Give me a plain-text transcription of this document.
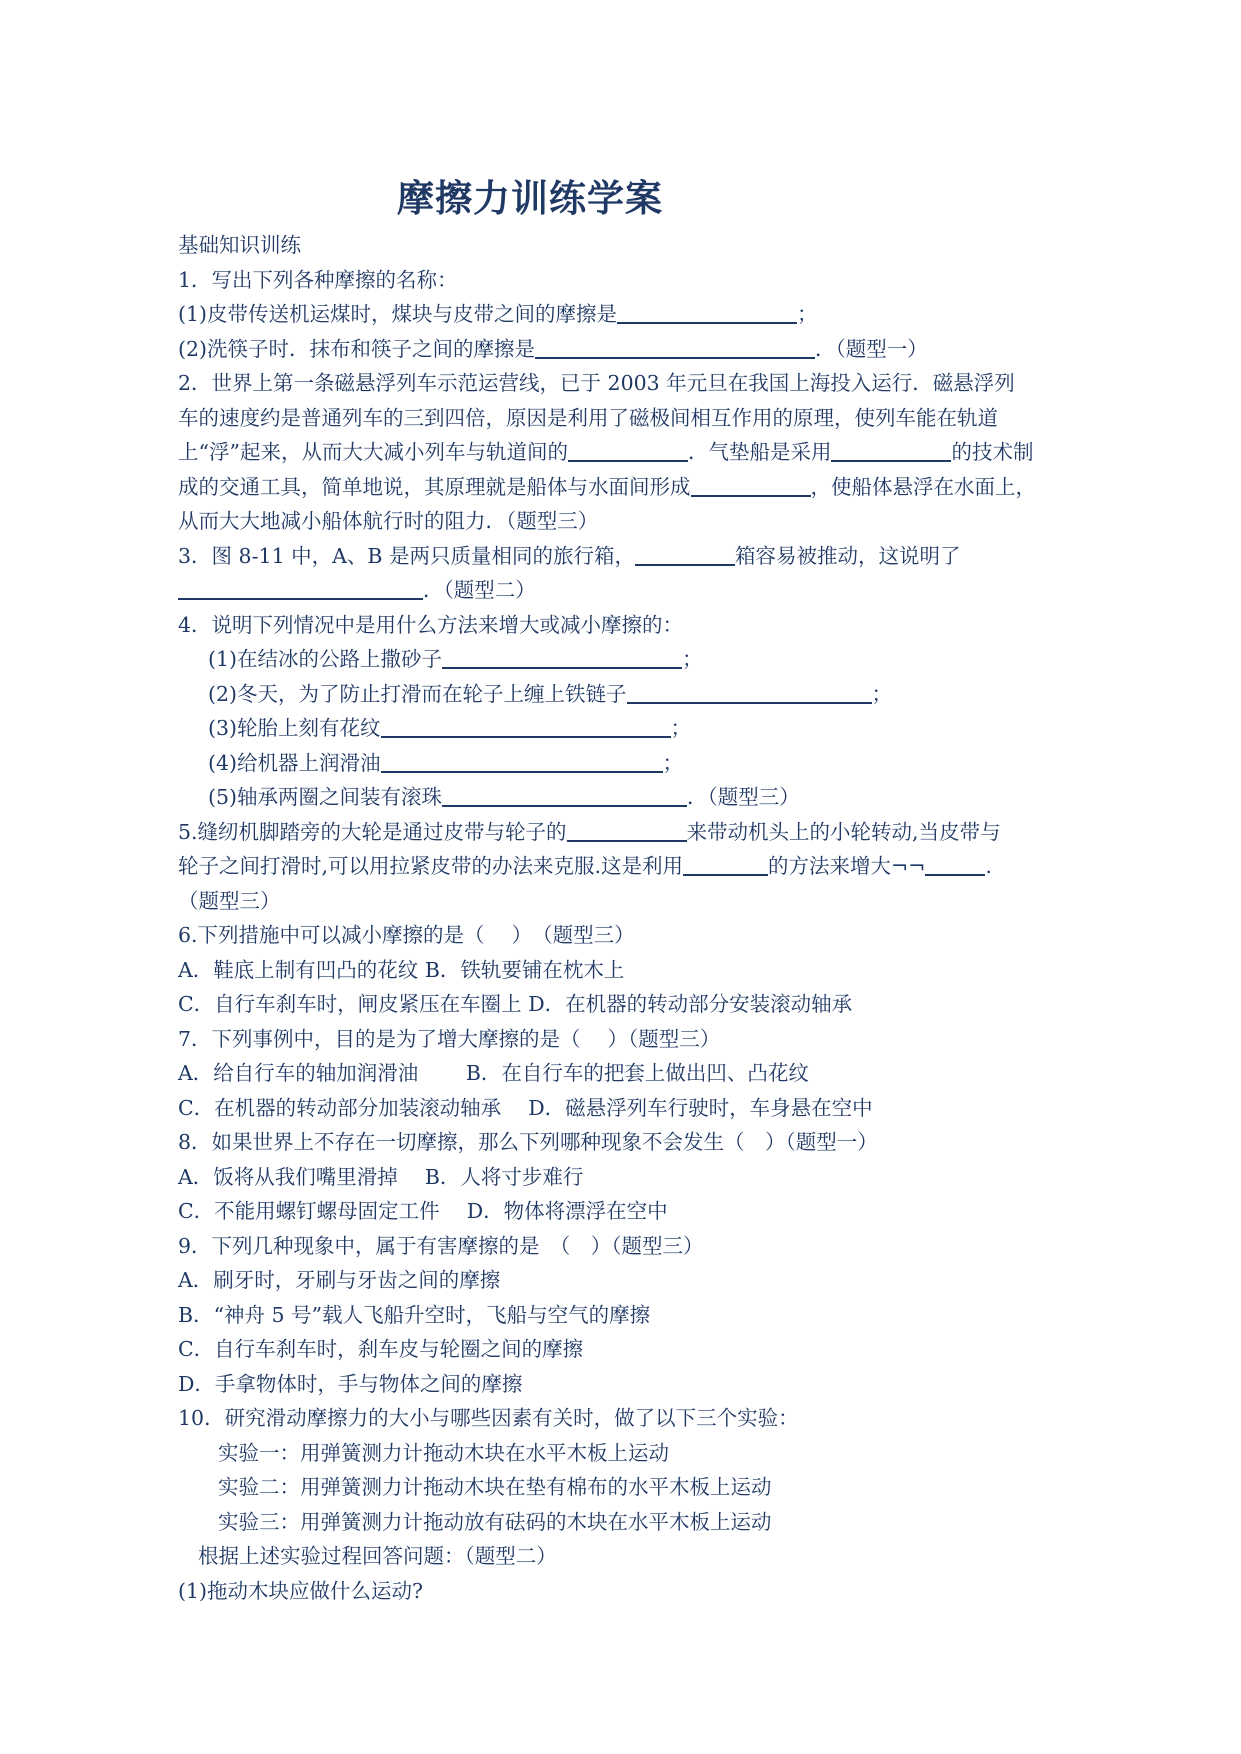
摩擦力训练学案
基础知识训练
1．写出下列各种摩擦的名称：
(1)皮带传送机运煤时，煤块与皮带之间的摩擦是	；
(2)洗筷子时．抹布和筷子之间的摩擦是	．（题型一）
2．世界上第一条磁悬浮列车示范运营线，已于 2003 年元旦在我国上海投入运行．磁悬浮列
车的速度约是普通列车的三到四倍，原因是利用了磁极间相互作用的原理，使列车能在轨道
上“浮”起来，从而大大减小列车与轨道间的	．气垫船是采用	的技术制
成的交通工具，简单地说，其原理就是船体与水面间形成	，使船体悬浮在水面上，
从而大大地减小船体航行时的阻力．（题型三）
3．图 8-11 中，A、B 是两只质量相同的旅行箱，	箱容易被推动，这说明了
．（题型二）
4．说明下列情况中是用什么方法来增大或减小摩擦的：
(1)在结冰的公路上撒砂子	；
(2)冬天，为了防止打滑而在轮子上缠上铁链子	；
(3)轮胎上刻有花纹	；
(4)给机器上润滑油	；
(5)轴承两圈之间装有滚珠	．（题型三）
5.缝纫机脚踏旁的大轮是通过皮带与轮子的	来带动机头上的小轮转动,当皮带与
轮子之间打滑时,可以用拉紧皮带的办法来克服.这是利用	的方法来增大¬¬	.
（题型三）
6.下列措施中可以减小摩擦的是（　 ）　（题型三）
A．鞋底上制有凹凸的花纹 B．铁轨要铺在枕木上
C．自行车刹车时，闸皮紧压在车圈上 D．在机器的转动部分安装滚动轴承
7．下列事例中，目的是为了增大摩擦的是（　 ）（题型三）
A．给自行车的轴加润滑油　　 B．在自行车的把套上做出凹、凸花纹
C．在机器的转动部分加装滚动轴承　 D．磁悬浮列车行驶时，车身悬在空中
8．如果世界上不存在一切摩擦，那么下列哪种现象不会发生（　）（题型一）
A．饭将从我们嘴里滑掉　 B．人将寸步难行
C．不能用螺钉螺母固定工件　 D．物体将漂浮在空中
9．下列几种现象中，属于有害摩擦的是　（　）（题型三）
A．刷牙时，牙刷与牙齿之间的摩擦
B．“神舟 5 号”载人飞船升空时，飞船与空气的摩擦
C．自行车刹车时，刹车皮与轮圈之间的摩擦
D．手拿物体时，手与物体之间的摩擦
10．研究滑动摩擦力的大小与哪些因素有关时，做了以下三个实验：
实验一：用弹簧测力计拖动木块在水平木板上运动
实验二：用弹簧测力计拖动木块在垫有棉布的水平木板上运动
实验三：用弹簧测力计拖动放有砝码的木块在水平木板上运动
根据上述实验过程回答问题：（题型二）
(1)拖动木块应做什么运动?
